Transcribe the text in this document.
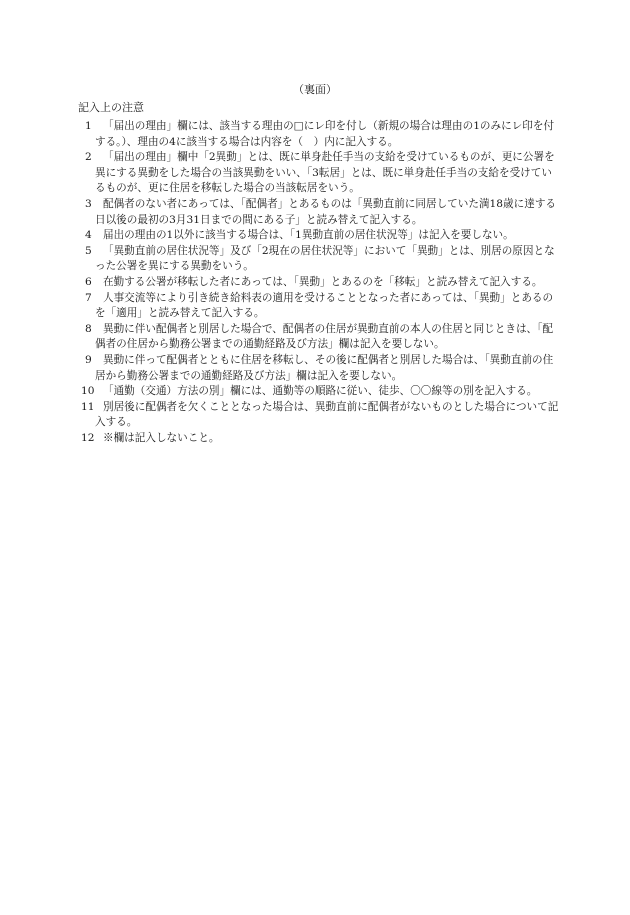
（裏面）
記入上の注意
1 「届出の理由」欄には、該当する理由の□にレ印を付し（新規の場合は理由の1のみにレ印を付する。）、理由の4に該当する場合は内容を（　）内に記入する。
2 「届出の理由」欄中「2異動」とは、既に単身赴任手当の支給を受けているものが、更に公署を異にする異動をした場合の当該異動をいい、「3転居」とは、既に単身赴任手当の支給を受けているものが、更に住居を移転した場合の当該転居をいう。
3 配偶者のない者にあっては、「配偶者」とあるものは「異動直前に同居していた満18歳に達する日以後の最初の3月31日までの間にある子」と読み替えて記入する。
4 届出の理由の1以外に該当する場合は、「1異動直前の居住状況等」は記入を要しない。
5 「異動直前の居住状況等」及び「2現在の居住状況等」において「異動」とは、別居の原因となった公署を異にする異動をいう。
6 在勤する公署が移転した者にあっては、「異動」とあるのを「移転」と読み替えて記入する。
7 人事交流等により引き続き給料表の適用を受けることとなった者にあっては、「異動」とあるのを「適用」と読み替えて記入する。
8 異動に伴い配偶者と別居した場合で、配偶者の住居が異動直前の本人の住居と同じときは、「配偶者の住居から勤務公署までの通勤経路及び方法」欄は記入を要しない。
9 異動に伴って配偶者とともに住居を移転し、その後に配偶者と別居した場合は、「異動直前の住居から勤務公署までの通勤経路及び方法」欄は記入を要しない。
10 「通勤（交通）方法の別」欄には、通勤等の順路に従い、徒歩、〇〇線等の別を記入する。
11 別居後に配偶者を欠くこととなった場合は、異動直前に配偶者がないものとした場合について記入する。
12 ※欄は記入しないこと。
